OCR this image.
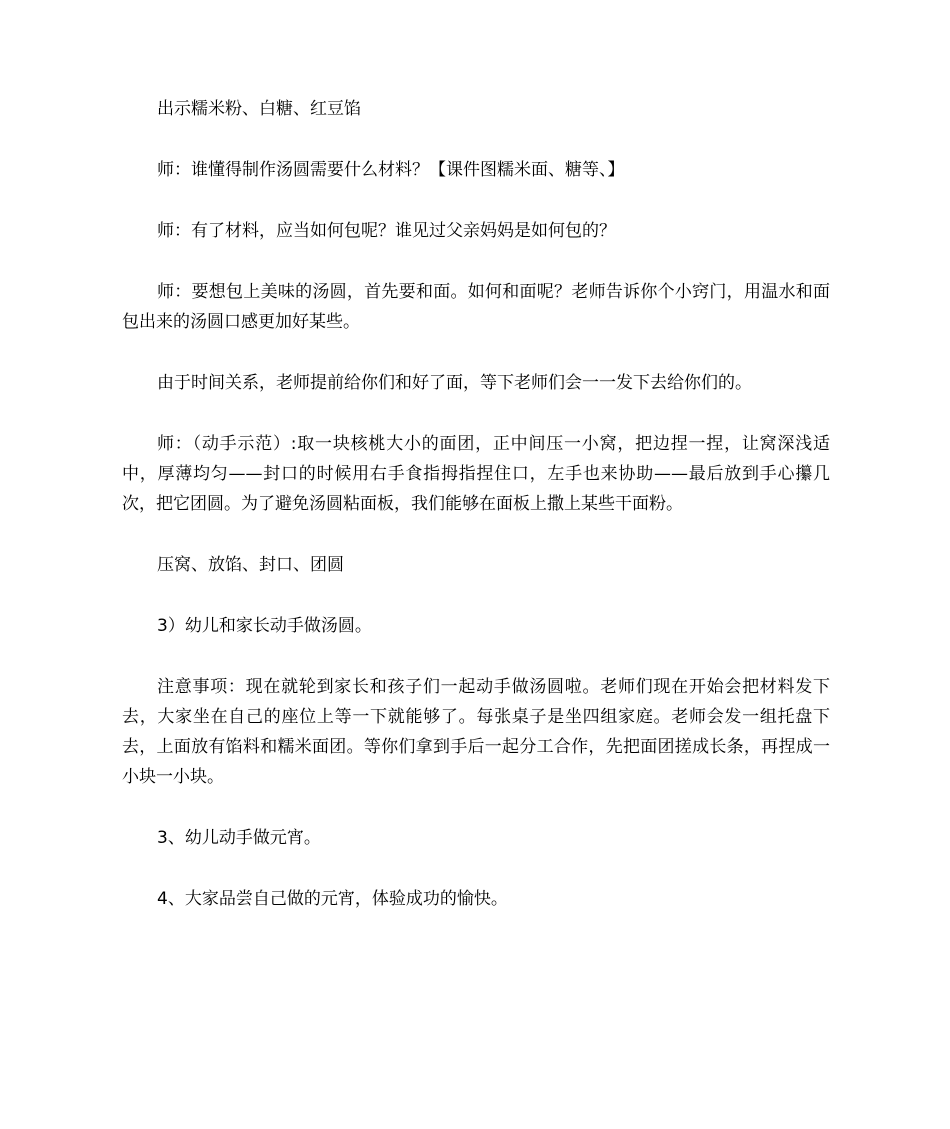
出示糯米粉、白糖、红豆馅

师：谁懂得制作汤圆需要什么材料？【课件图糯米面、糖等、】

师：有了材料，应当如何包呢？谁见过父亲妈妈是如何包的？

师：要想包上美味的汤圆，首先要和面。如何和面呢？老师告诉你个小窍门，用温水和面包出来的汤圆口感更加好某些。

由于时间关系，老师提前给你们和好了面，等下老师们会一一发下去给你们的。

师：（动手示范）:取一块核桃大小的面团，正中间压一小窝，把边捏一捏，让窝深浅适中，厚薄均匀——封口的时候用右手食指拇指捏住口，左手也来协助——最后放到手心攥几次，把它团圆。为了避免汤圆粘面板，我们能够在面板上撒上某些干面粉。

压窝、放馅、封口、团圆

3）幼儿和家长动手做汤圆。

注意事项：现在就轮到家长和孩子们一起动手做汤圆啦。老师们现在开始会把材料发下去，大家坐在自己的座位上等一下就能够了。每张桌子是坐四组家庭。老师会发一组托盘下去，上面放有馅料和糯米面团。等你们拿到手后一起分工合作，先把面团搓成长条，再捏成一小块一小块。

3、幼儿动手做元宵。

4、大家品尝自己做的元宵，体验成功的愉快。
